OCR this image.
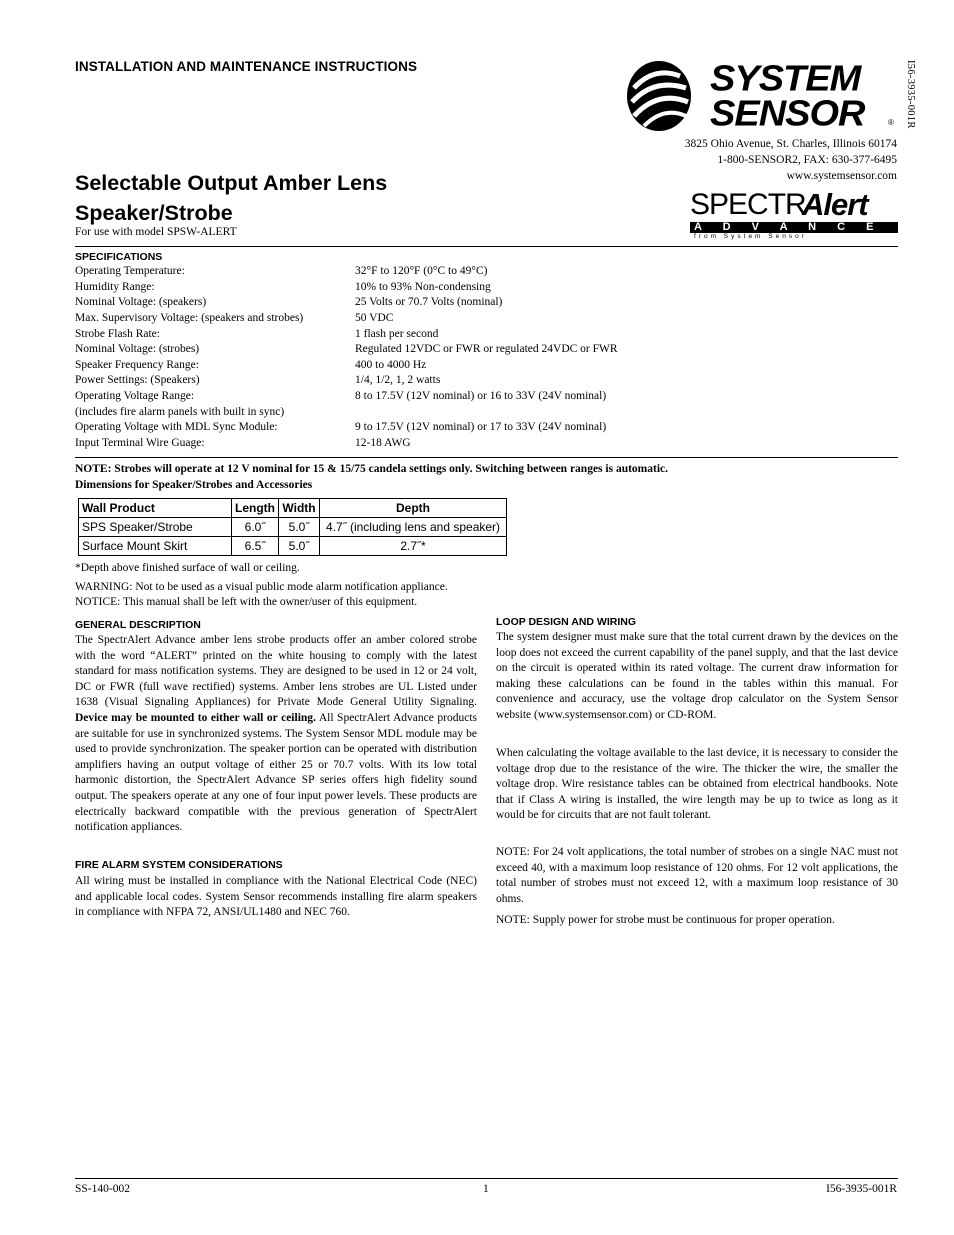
INSTALLATION AND MAINTENANCE INSTRUCTIONS	I56-3935-001R
SYSTEM
SENSOR	®
3825 Ohio Avenue, St. Charles, Illinois 60174
1-800-SENSOR2, FAX: 630-377-6495
www.systemsensor.com
Selectable Output Amber Lens
Speaker/Strobe
For use with model SPSW-ALERT
SPECTR
Alert
A D V A N C E
from System Sensor
SPECIFICATIONS
Operating Temperature:	32°F to 120°F (0°C to 49°C)
Humidity Range:	10% to 93% Non-condensing
Nominal Voltage: (speakers)	25 Volts or 70.7 Volts (nominal)
Max. Supervisory Voltage: (speakers and strobes)	50 VDC
Strobe Flash Rate:	1 flash per second
Nominal Voltage: (strobes)	Regulated 12VDC or FWR or regulated 24VDC or FWR
Speaker Frequency Range:	400 to 4000 Hz
Power Settings: (Speakers)	1/4, 1/2, 1, 2 watts
Operating Voltage Range:	8 to 17.5V (12V nominal) or 16 to 33V (24V nominal)
(includes fire alarm panels with built in sync)
Operating Voltage with MDL Sync Module:	9 to 17.5V (12V nominal) or 17 to 33V (24V nominal)
Input Terminal Wire Guage:	12-18 AWG
NOTE: Strobes will operate at 12 V nominal for 15 & 15/75 candela settings only. Switching between ranges is automatic.
Dimensions for Speaker/Strobes and Accessories
Wall Product	Length	Width	Depth
SPS Speaker/Strobe	6.0˝	5.0˝	4.7˝ (including lens and speaker)
Surface Mount Skirt	6.5˝	5.0˝	2.7˝*
*Depth above finished surface of wall or ceiling.
WARNING: Not to be used as a visual public mode alarm notification appliance.
NOTICE: This manual shall be left with the owner/user of this equipment.
GENERAL DESCRIPTION
The SpectrAlert Advance amber lens strobe products offer an amber colored strobe with the word “ALERT” printed on the white housing to comply with the latest standard for mass notification systems. They are designed to be used in 12 or 24 volt, DC or FWR (full wave rectified) systems. Amber lens strobes are UL Listed under 1638 (Visual Signaling Appliances) for Private Mode General Utility Signaling. Device may be mounted to either wall or ceiling. All SpectrAlert Advance products are suitable for use in synchronized systems. The System Sensor MDL module may be used to provide synchronization. The speaker portion can be operated with distribution amplifiers having an output voltage of either 25 or 70.7 volts. With its low total harmonic distortion, the SpectrAlert Advance SP series offers high fidelity sound output. The speakers operate at any one of four input power levels. These products are electrically backward compatible with the previous generation of SpectrAlert notification appliances.
FIRE ALARM SYSTEM CONSIDERATIONS
All wiring must be installed in compliance with the National Electrical Code (NEC) and applicable local codes. System Sensor recommends installing fire alarm speakers in compliance with NFPA 72, ANSI/UL1480 and NEC 760.
LOOP DESIGN AND WIRING
The system designer must make sure that the total current drawn by the devices on the loop does not exceed the current capability of the panel supply, and that the last device on the circuit is operated within its rated voltage. The current draw information for making these calculations can be found in the tables within this manual. For convenience and accuracy, use the voltage drop calculator on the System Sensor website (www.systemsensor.com) or CD-ROM.
When calculating the voltage available to the last device, it is necessary to consider the voltage drop due to the resistance of the wire. The thicker the wire, the smaller the voltage drop. Wire resistance tables can be obtained from electrical handbooks. Note that if Class A wiring is installed, the wire length may be up to twice as long as it would be for circuits that are not fault tolerant.
NOTE: For 24 volt applications, the total number of strobes on a single NAC must not exceed 40, with a maximum loop resistance of 120 ohms. For 12 volt applications, the total number of strobes must not exceed 12, with a maximum loop resistance of 30 ohms.
NOTE: Supply power for strobe must be continuous for proper operation.
SS-140-002	1	I56-3935-001R
